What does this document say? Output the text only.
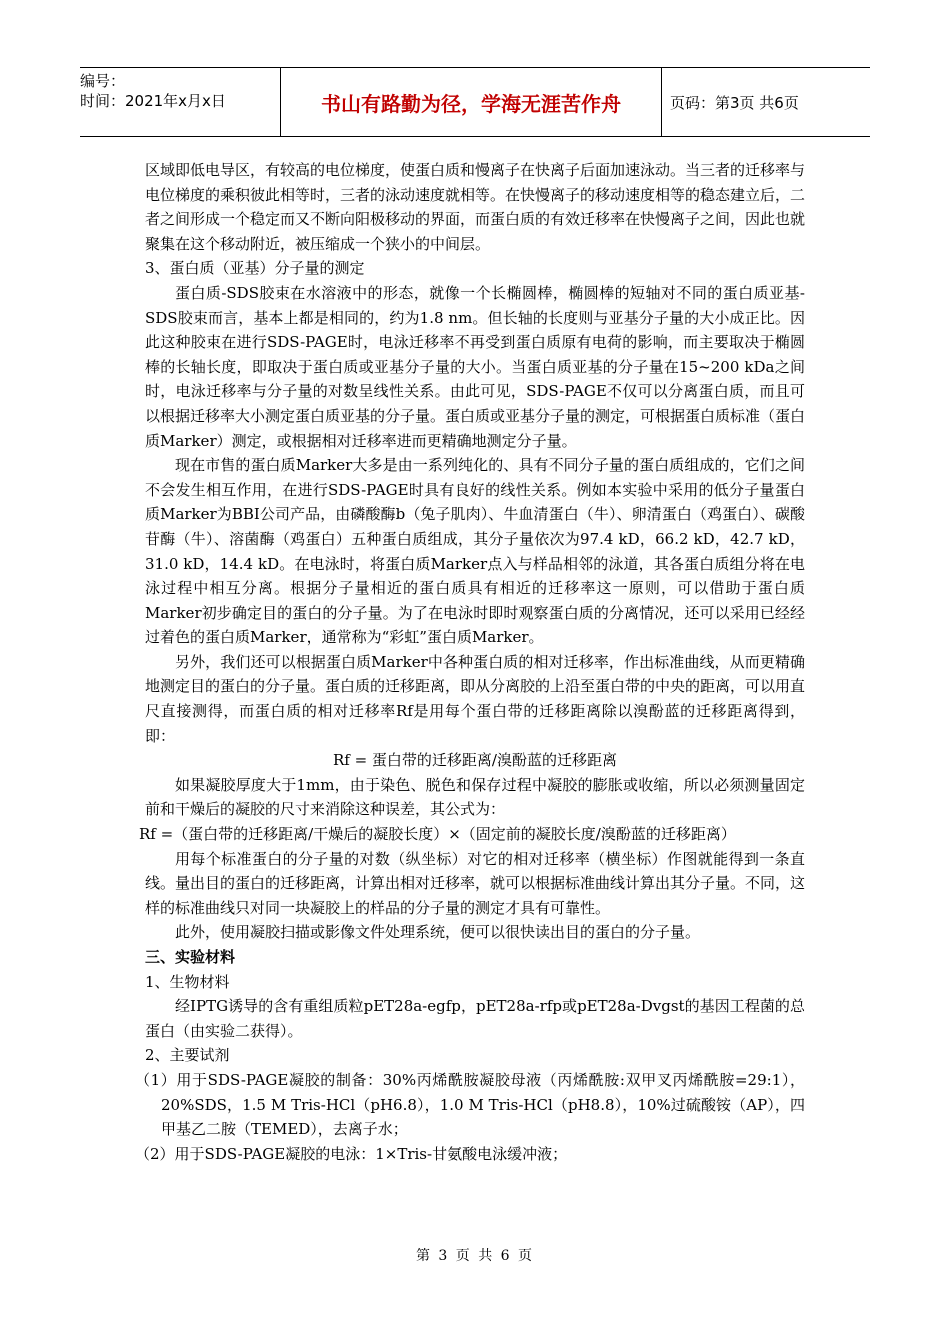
编号：
时间：2021年x月x日	书山有路勤为径，学海无涯苦作舟	页码：第3页 共6页

区域即低电导区，有较高的电位梯度，使蛋白质和慢离子在快离子后面加速泳动。当三者的迁移率与电位梯度的乘积彼此相等时，三者的泳动速度就相等。在快慢离子的移动速度相等的稳态建立后，二者之间形成一个稳定而又不断向阳极移动的界面，而蛋白质的有效迁移率在快慢离子之间，因此也就聚集在这个移动附近，被压缩成一个狭小的中间层。

3、蛋白质（亚基）分子量的测定

蛋白质-SDS胶束在水溶液中的形态，就像一个长椭圆棒，椭圆棒的短轴对不同的蛋白质亚基-SDS胶束而言，基本上都是相同的，约为1.8 nm。但长轴的长度则与亚基分子量的大小成正比。因此这种胶束在进行SDS-PAGE时，电泳迁移率不再受到蛋白质原有电荷的影响，而主要取决于椭圆棒的长轴长度，即取决于蛋白质或亚基分子量的大小。当蛋白质亚基的分子量在15~200 kDa之间时，电泳迁移率与分子量的对数呈线性关系。由此可见，SDS-PAGE不仅可以分离蛋白质，而且可以根据迁移率大小测定蛋白质亚基的分子量。蛋白质或亚基分子量的测定，可根据蛋白质标准（蛋白质Marker）测定，或根据相对迁移率进而更精确地测定分子量。

现在市售的蛋白质Marker大多是由一系列纯化的、具有不同分子量的蛋白质组成的，它们之间不会发生相互作用，在进行SDS-PAGE时具有良好的线性关系。例如本实验中采用的低分子量蛋白质Marker为BBI公司产品，由磷酸酶b（兔子肌肉）、牛血清蛋白（牛）、卵清蛋白（鸡蛋白）、碳酸苷酶（牛）、溶菌酶（鸡蛋白）五种蛋白质组成，其分子量依次为97.4 kD，66.2 kD，42.7 kD，31.0 kD，14.4 kD。在电泳时，将蛋白质Marker点入与样品相邻的泳道，其各蛋白质组分将在电泳过程中相互分离。根据分子量相近的蛋白质具有相近的迁移率这一原则，可以借助于蛋白质Marker初步确定目的蛋白的分子量。为了在电泳时即时观察蛋白质的分离情况，还可以采用已经经过着色的蛋白质Marker，通常称为“彩虹”蛋白质Marker。

另外，我们还可以根据蛋白质Marker中各种蛋白质的相对迁移率，作出标准曲线，从而更精确地测定目的蛋白的分子量。蛋白质的迁移距离，即从分离胶的上沿至蛋白带的中央的距离，可以用直尺直接测得，而蛋白质的相对迁移率Rf是用每个蛋白带的迁移距离除以溴酚蓝的迁移距离得到，即：

Rf = 蛋白带的迁移距离/溴酚蓝的迁移距离

如果凝胶厚度大于1mm，由于染色、脱色和保存过程中凝胶的膨胀或收缩，所以必须测量固定前和干燥后的凝胶的尺寸来消除这种误差，其公式为：

Rf =（蛋白带的迁移距离/干燥后的凝胶长度）×（固定前的凝胶长度/溴酚蓝的迁移距离）

用每个标准蛋白的分子量的对数（纵坐标）对它的相对迁移率（横坐标）作图就能得到一条直线。量出目的蛋白的迁移距离，计算出相对迁移率，就可以根据标准曲线计算出其分子量。不同，这样的标准曲线只对同一块凝胶上的样品的分子量的测定才具有可靠性。

此外，使用凝胶扫描或影像文件处理系统，便可以很快读出目的蛋白的分子量。

三、实验材料

1、生物材料

经IPTG诱导的含有重组质粒pET28a-egfp，pET28a-rfp或pET28a-Dvgst的基因工程菌的总蛋白（由实验二获得）。

2、主要试剂

（1）用于SDS-PAGE凝胶的制备：30%丙烯酰胺凝胶母液（丙烯酰胺:双甲叉丙烯酰胺=29:1），20%SDS，1.5 M Tris-HCl（pH6.8），1.0 M Tris-HCl（pH8.8），10%过硫酸铵（AP），四甲基乙二胺（TEMED），去离子水；

（2）用于SDS-PAGE凝胶的电泳：1×Tris-甘氨酸电泳缓冲液；

第 3 页 共 6 页
